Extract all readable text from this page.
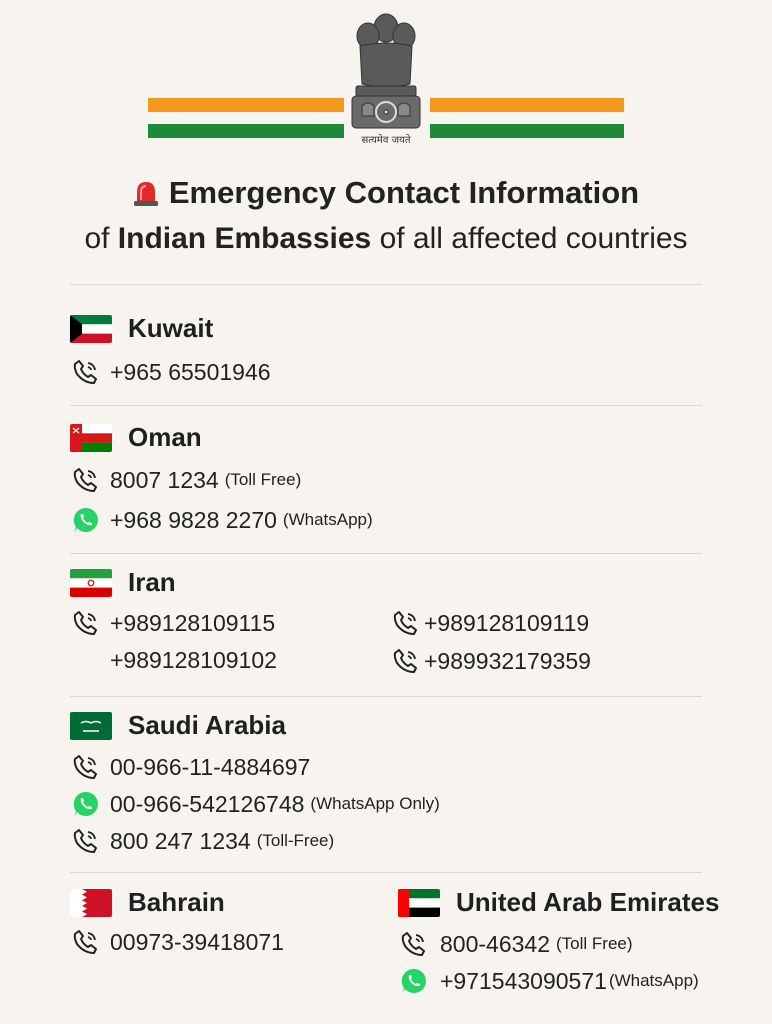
सत्यमेव जयते
Emergency Contact Information
of Indian Embassies of all affected countries
Kuwait
+965 65501946
Oman
8007 1234 (Toll Free)
+968 9828 2270 (WhatsApp)
Iran
+989128109115
+989128109102
+989128109119
+989932179359
Saudi Arabia
00-966-11-4884697
00-966-542126748 (WhatsApp Only)
800 247 1234 (Toll-Free)
Bahrain
00973-39418071
United Arab Emirates
800-46342 (Toll Free)
+971543090571 (WhatsApp)
